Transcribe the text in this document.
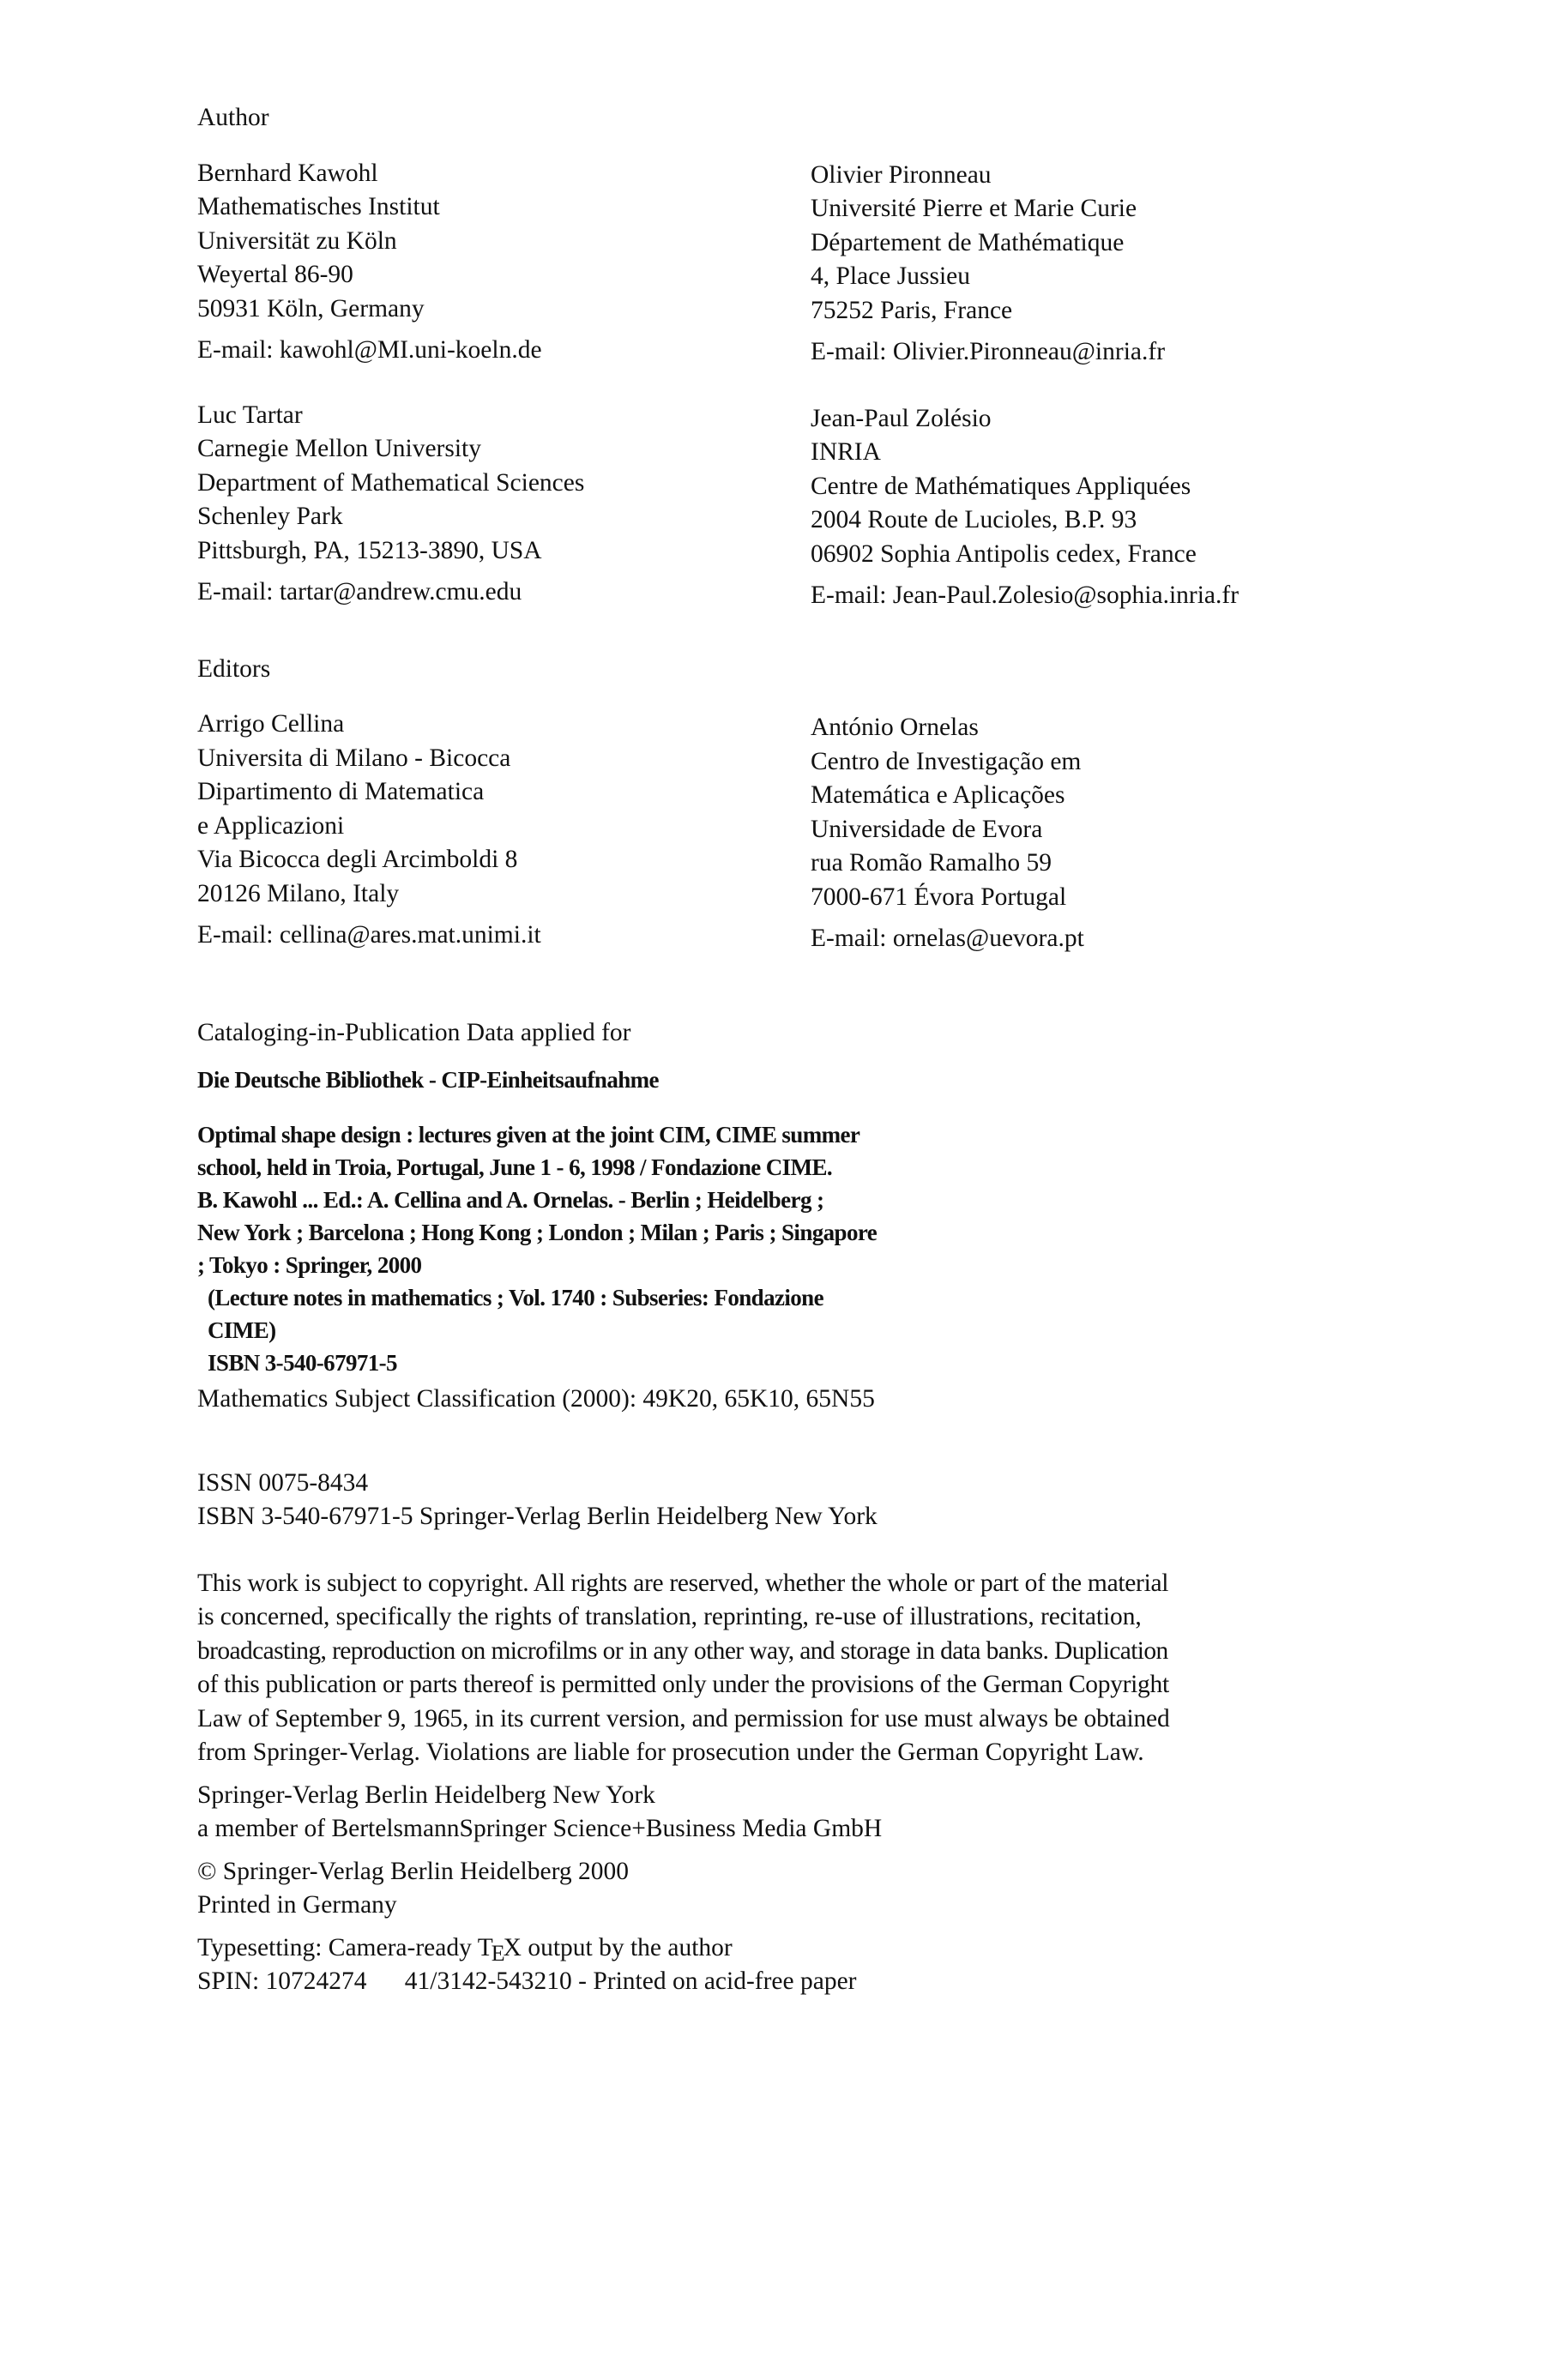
Author
Bernhard Kawohl
Mathematisches Institut
Universität zu Köln
Weyertal 86-90
50931 Köln, Germany
E-mail: kawohl@MI.uni-koeln.de
Olivier Pironneau
Université Pierre et Marie Curie
Département de Mathématique
4, Place Jussieu
75252 Paris, France
E-mail: Olivier.Pironneau@inria.fr
Luc Tartar
Carnegie Mellon University
Department of Mathematical Sciences
Schenley Park
Pittsburgh, PA, 15213-3890, USA
E-mail: tartar@andrew.cmu.edu
Jean-Paul Zolésio
INRIA
Centre de Mathématiques Appliquées
2004 Route de Lucioles, B.P. 93
06902 Sophia Antipolis cedex, France
E-mail: Jean-Paul.Zolesio@sophia.inria.fr
Editors
Arrigo Cellina
Universita di Milano - Bicocca
Dipartimento di Matematica
e Applicazioni
Via Bicocca degli Arcimboldi 8
20126 Milano, Italy
E-mail: cellina@ares.mat.unimi.it
António Ornelas
Centro de Investigação em
Matemática e Aplicações
Universidade de Evora
rua Romão Ramalho 59
7000-671 Évora Portugal
E-mail: ornelas@uevora.pt
Cataloging-in-Publication Data applied for
Die Deutsche Bibliothek - CIP-Einheitsaufnahme
Optimal shape design : lectures given at the joint CIM, CIME summer
school, held in Troia, Portugal, June 1 - 6, 1998 / Fondazione CIME.
B. Kawohl ... Ed.: A. Cellina and A. Ornelas. - Berlin ; Heidelberg ;
New York ; Barcelona ; Hong Kong ; London ; Milan ; Paris ; Singapore
; Tokyo : Springer, 2000
(Lecture notes in mathematics ; Vol. 1740 : Subseries: Fondazione
CIME)
ISBN 3-540-67971-5
Mathematics Subject Classification (2000): 49K20, 65K10, 65N55
ISSN 0075-8434
ISBN 3-540-67971-5 Springer-Verlag Berlin Heidelberg New York
This work is subject to copyright. All rights are reserved, whether the whole or part of the material
is concerned, specifically the rights of translation, reprinting, re-use of illustrations, recitation,
broadcasting, reproduction on microfilms or in any other way, and storage in data banks. Duplication
of this publication or parts thereof is permitted only under the provisions of the German Copyright
Law of September 9, 1965, in its current version, and permission for use must always be obtained
from Springer-Verlag. Violations are liable for prosecution under the German Copyright Law.
Springer-Verlag Berlin Heidelberg New York
a member of BertelsmannSpringer Science+Business Media GmbH
© Springer-Verlag Berlin Heidelberg 2000
Printed in Germany
Typesetting: Camera-ready TEX output by the author
SPIN: 10724274      41/3142-543210 - Printed on acid-free paper
